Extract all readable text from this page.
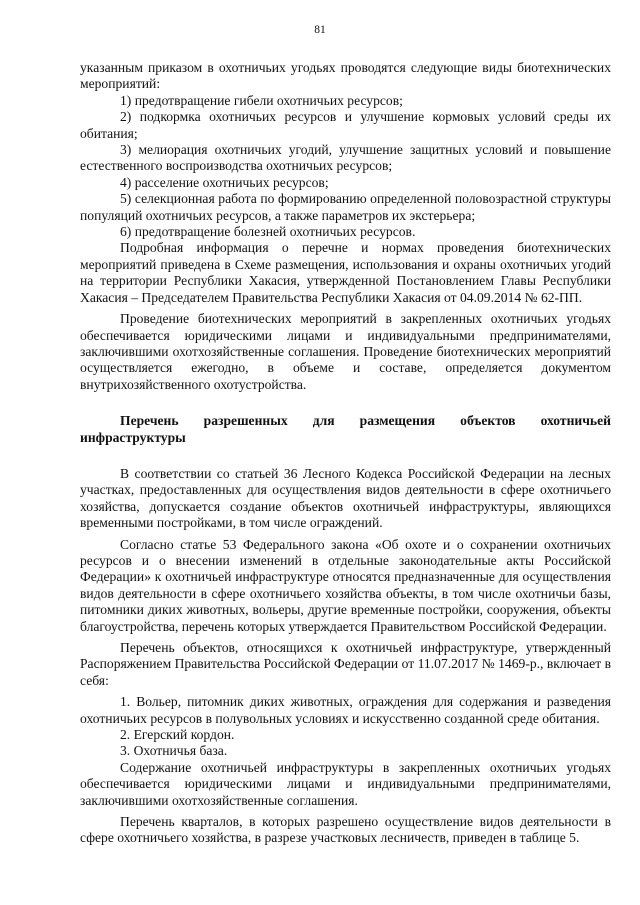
81

указанным приказом в охотничьих угодьях проводятся следующие виды биотехнических мероприятий:

1) предотвращение гибели охотничьих ресурсов;

2) подкормка охотничьих ресурсов и улучшение кормовых условий среды их обитания;

3) мелиорация охотничьих угодий, улучшение защитных условий и повышение естественного воспроизводства охотничьих ресурсов;

4) расселение охотничьих ресурсов;

5) селекционная работа по формированию определенной половозрастной структуры популяций охотничьих ресурсов, а также параметров их экстерьера;

6) предотвращение болезней охотничьих ресурсов.

Подробная информация о перечне и нормах проведения биотехнических мероприятий приведена в Схеме размещения, использования и охраны охотничьих угодий на территории Республики Хакасия, утвержденной Постановлением Главы Республики Хакасия – Председателем Правительства Республики Хакасия от 04.09.2014 № 62-ПП.

Проведение биотехнических мероприятий в закрепленных охотничьих угодьях обеспечивается юридическими лицами и индивидуальными предпринимателями, заключившими охотхозяйственные соглашения. Проведение биотехнических мероприятий осуществляется ежегодно, в объеме и составе, определяется документом внутрихозяйственного охотустройства.

Перечень разрешенных для размещения объектов охотничьей инфраструктуры

В соответствии со статьей 36 Лесного Кодекса Российской Федерации на лесных участках, предоставленных для осуществления видов деятельности в сфере охотничьего хозяйства, допускается создание объектов охотничьей инфраструктуры, являющихся временными постройками, в том числе ограждений.

Согласно статье 53 Федерального закона «Об охоте и о сохранении охотничьих ресурсов и о внесении изменений в отдельные законодательные акты Российской Федерации» к охотничьей инфраструктуре относятся предназначенные для осуществления видов деятельности в сфере охотничьего хозяйства объекты, в том числе охотничьи базы, питомники диких животных, вольеры, другие временные постройки, сооружения, объекты благоустройства, перечень которых утверждается Правительством Российской Федерации.

Перечень объектов, относящихся к охотничьей инфраструктуре, утвержденный Распоряжением Правительства Российской Федерации от 11.07.2017 № 1469-р., включает в себя:

1. Вольер, питомник диких животных, ограждения для содержания и разведения охотничьих ресурсов в полувольных условиях и искусственно созданной среде обитания.

2. Егерский кордон.

3. Охотничья база.

Содержание охотничьей инфраструктуры в закрепленных охотничьих угодьях обеспечивается юридическими лицами и индивидуальными предпринимателями, заключившими охотхозяйственные соглашения.

Перечень кварталов, в которых разрешено осуществление видов деятельности в сфере охотничьего хозяйства, в разрезе участковых лесничеств, приведен в таблице 5.
